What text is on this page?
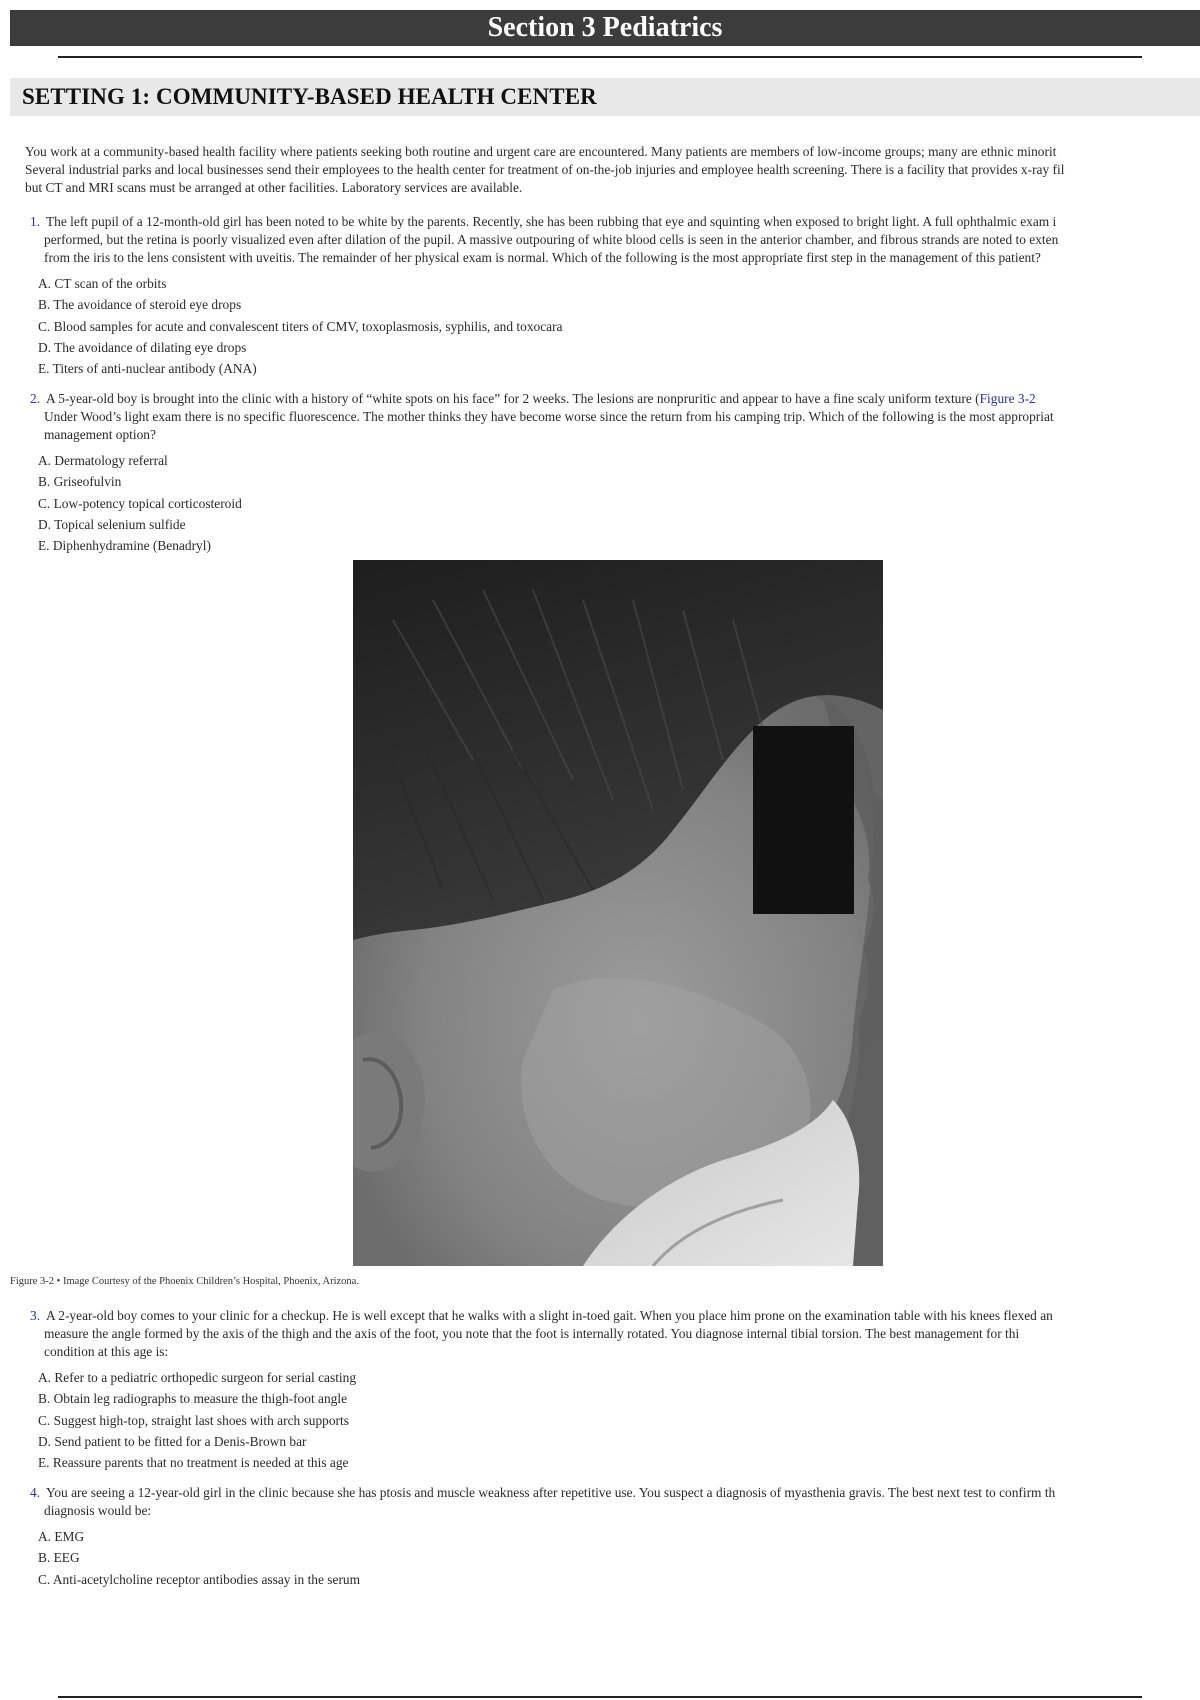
Section 3 Pediatrics
SETTING 1: COMMUNITY-BASED HEALTH CENTER
You work at a community-based health facility where patients seeking both routine and urgent care are encountered. Many patients are members of low-income groups; many are ethnic minorit
Several industrial parks and local businesses send their employees to the health center for treatment of on-the-job injuries and employee health screening. There is a facility that provides x-ray fil
but CT and MRI scans must be arranged at other facilities. Laboratory services are available.
1. The left pupil of a 12-month-old girl has been noted to be white by the parents. Recently, she has been rubbing that eye and squinting when exposed to bright light. A full ophthalmic exam i
performed, but the retina is poorly visualized even after dilation of the pupil. A massive outpouring of white blood cells is seen in the anterior chamber, and fibrous strands are noted to exten
from the iris to the lens consistent with uveitis. The remainder of her physical exam is normal. Which of the following is the most appropriate first step in the management of this patient?
A. CT scan of the orbits
B. The avoidance of steroid eye drops
C. Blood samples for acute and convalescent titers of CMV, toxoplasmosis, syphilis, and toxocara
D. The avoidance of dilating eye drops
E. Titers of anti-nuclear antibody (ANA)
2. A 5-year-old boy is brought into the clinic with a history of “white spots on his face” for 2 weeks. The lesions are nonpruritic and appear to have a fine scaly uniform texture (Figure 3-2
Under Wood’s light exam there is no specific fluorescence. The mother thinks they have become worse since the return from his camping trip. Which of the following is the most appropriat
management option?
A. Dermatology referral
B. Griseofulvin
C. Low-potency topical corticosteroid
D. Topical selenium sulfide
E. Diphenhydramine (Benadryl)
Figure 3-2 • Image Courtesy of the Phoenix Children’s Hospital, Phoenix, Arizona.
3. A 2-year-old boy comes to your clinic for a checkup. He is well except that he walks with a slight in-toed gait. When you place him prone on the examination table with his knees flexed an
measure the angle formed by the axis of the thigh and the axis of the foot, you note that the foot is internally rotated. You diagnose internal tibial torsion. The best management for thi
condition at this age is:
A. Refer to a pediatric orthopedic surgeon for serial casting
B. Obtain leg radiographs to measure the thigh-foot angle
C. Suggest high-top, straight last shoes with arch supports
D. Send patient to be fitted for a Denis-Brown bar
E. Reassure parents that no treatment is needed at this age
4. You are seeing a 12-year-old girl in the clinic because she has ptosis and muscle weakness after repetitive use. You suspect a diagnosis of myasthenia gravis. The best next test to confirm th
diagnosis would be:
A. EMG
B. EEG
C. Anti-acetylcholine receptor antibodies assay in the serum
